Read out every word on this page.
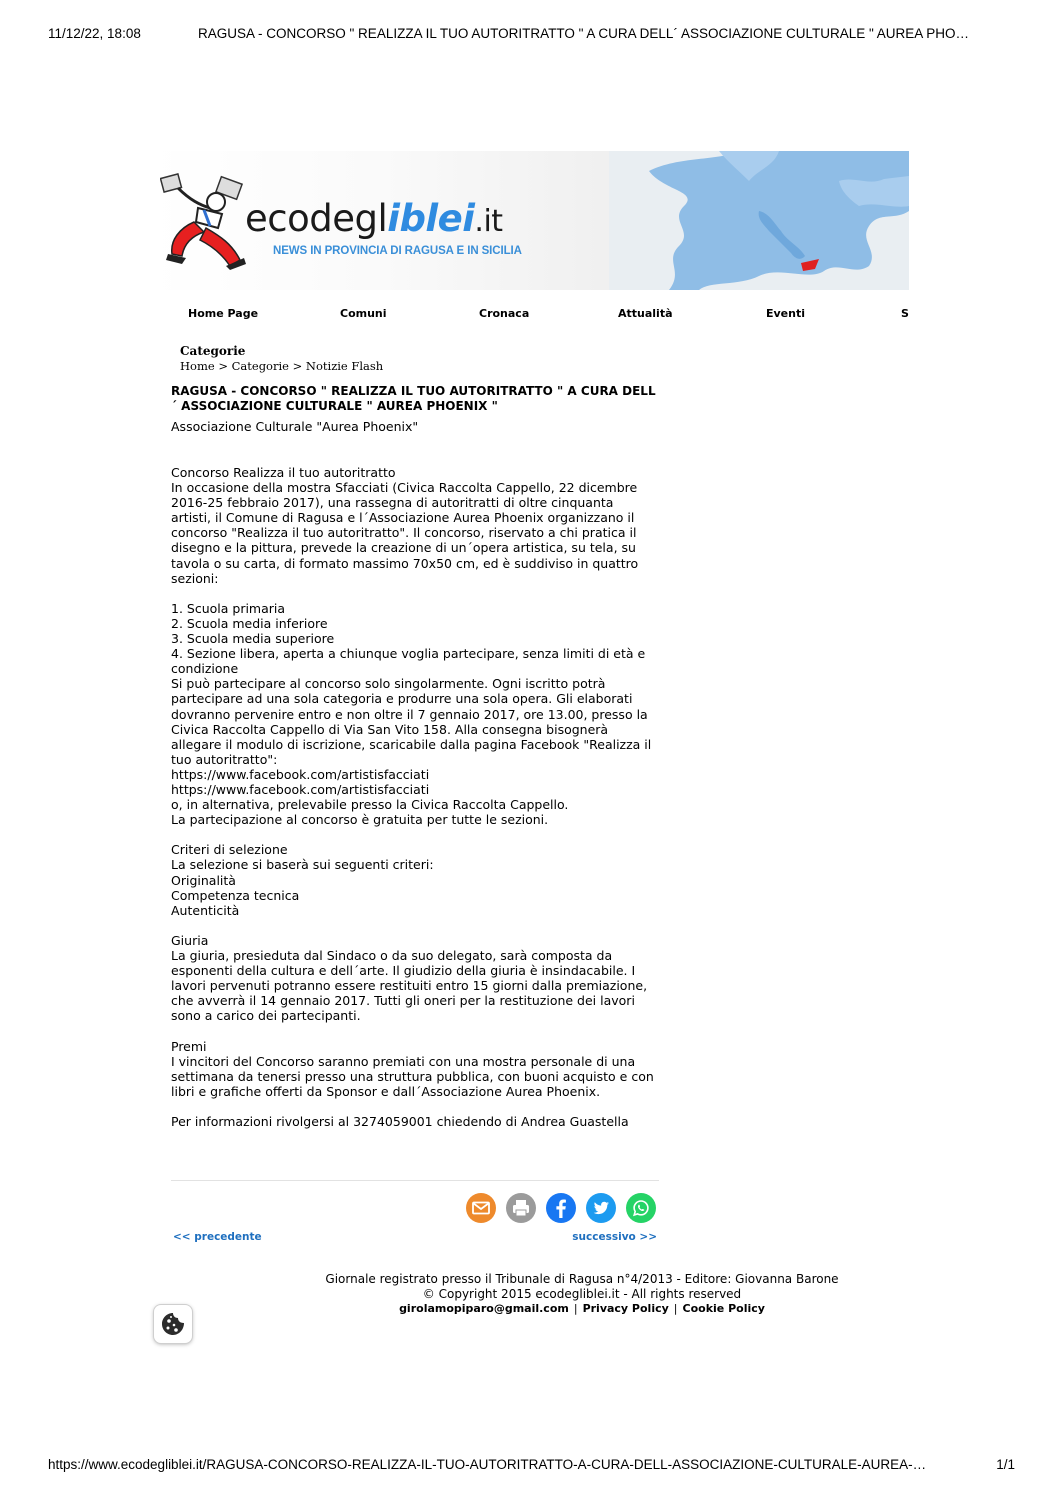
11/12/22, 18:08	RAGUSA - CONCORSO " REALIZZA IL TUO AUTORITRATTO " A CURA DELL´ ASSOCIAZIONE CULTURALE " AUREA PHO…
ecodegliblei.it
NEWS IN PROVINCIA DI RAGUSA E IN SICILIA
Home Page	Comuni	Cronaca	Attualità	Eventi	S
Categorie
Home > Categorie > Notizie Flash
RAGUSA - CONCORSO " REALIZZA IL TUO AUTORITRATTO " A CURA DELL´ ASSOCIAZIONE CULTURALE " AUREA PHOENIX "
Associazione Culturale "Aurea Phoenix"
Concorso Realizza il tuo autoritratto
In occasione della mostra Sfacciati (Civica Raccolta Cappello, 22 dicembre
2016-25 febbraio 2017), una rassegna di autoritratti di oltre cinquanta
artisti, il Comune di Ragusa e l´Associazione Aurea Phoenix organizzano il
concorso "Realizza il tuo autoritratto". Il concorso, riservato a chi pratica il
disegno e la pittura, prevede la creazione di un´opera artistica, su tela, su
tavola o su carta, di formato massimo 70x50 cm, ed è suddiviso in quattro
sezioni:
1. Scuola primaria
2. Scuola media inferiore
3. Scuola media superiore
4. Sezione libera, aperta a chiunque voglia partecipare, senza limiti di età e
condizione
Si può partecipare al concorso solo singolarmente. Ogni iscritto potrà
partecipare ad una sola categoria e produrre una sola opera. Gli elaborati
dovranno pervenire entro e non oltre il 7 gennaio 2017, ore 13.00, presso la
Civica Raccolta Cappello di Via San Vito 158. Alla consegna bisognerà
allegare il modulo di iscrizione, scaricabile dalla pagina Facebook "Realizza il
tuo autoritratto":
https://www.facebook.com/artistisfacciati
https://www.facebook.com/artistisfacciati
o, in alternativa, prelevabile presso la Civica Raccolta Cappello.
La partecipazione al concorso è gratuita per tutte le sezioni.
Criteri di selezione
La selezione si baserà sui seguenti criteri:
Originalità
Competenza tecnica
Autenticità
Giuria
La giuria, presieduta dal Sindaco o da suo delegato, sarà composta da
esponenti della cultura e dell´arte. Il giudizio della giuria è insindacabile. I
lavori pervenuti potranno essere restituiti entro 15 giorni dalla premiazione,
che avverrà il 14 gennaio 2017. Tutti gli oneri per la restituzione dei lavori
sono a carico dei partecipanti.
Premi
I vincitori del Concorso saranno premiati con una mostra personale di una
settimana da tenersi presso una struttura pubblica, con buoni acquisto e con
libri e grafiche offerti da Sponsor e dall´Associazione Aurea Phoenix.
Per informazioni rivolgersi al 3274059001 chiedendo di Andrea Guastella
<< precedente	successivo >>
Giornale registrato presso il Tribunale di Ragusa n°4/2013 - Editore: Giovanna Barone
© Copyright 2015 ecodegliblei.it - All rights reserved
girolamopiparo@gmail.com | Privacy Policy | Cookie Policy
https://www.ecodegliblei.it/RAGUSA-CONCORSO-REALIZZA-IL-TUO-AUTORITRATTO-A-CURA-DELL-ASSOCIAZIONE-CULTURALE-AUREA-…	1/1
